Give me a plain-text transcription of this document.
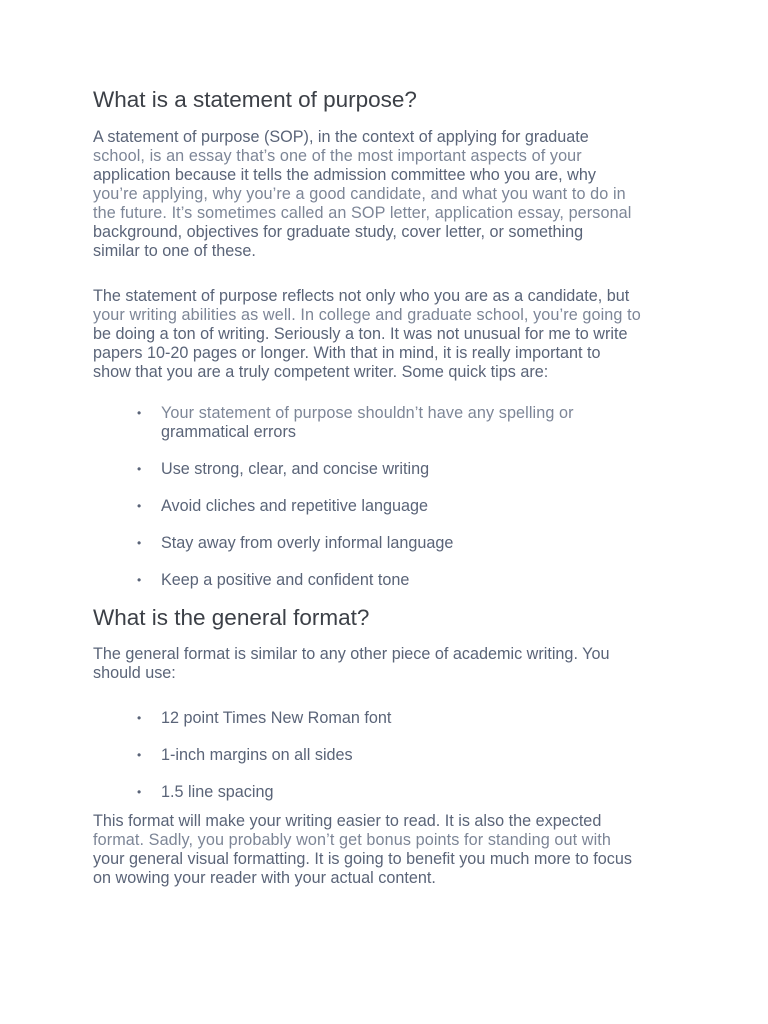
What is a statement of purpose?

A statement of purpose (SOP), in the context of applying for graduate
school, is an essay that’s one of the most important aspects of your
application because it tells the admission committee who you are, why
you’re applying, why you’re a good candidate, and what you want to do in
the future. It’s sometimes called an SOP letter, application essay, personal
background, objectives for graduate study, cover letter, or something
similar to one of these.

The statement of purpose reflects not only who you are as a candidate, but
your writing abilities as well. In college and graduate school, you’re going to
be doing a ton of writing. Seriously a ton. It was not unusual for me to write
papers 10-20 pages or longer. With that in mind, it is really important to
show that you are a truly competent writer. Some quick tips are:

•	Your statement of purpose shouldn’t have any spelling or
grammatical errors
•	Use strong, clear, and concise writing
•	Avoid cliches and repetitive language
•	Stay away from overly informal language
•	Keep a positive and confident tone
What is the general format?

The general format is similar to any other piece of academic writing. You
should use:

•	12 point Times New Roman font
•	1-inch margins on all sides
•	1.5 line spacing

This format will make your writing easier to read. It is also the expected
format. Sadly, you probably won’t get bonus points for standing out with
your general visual formatting. It is going to benefit you much more to focus
on wowing your reader with your actual content.
